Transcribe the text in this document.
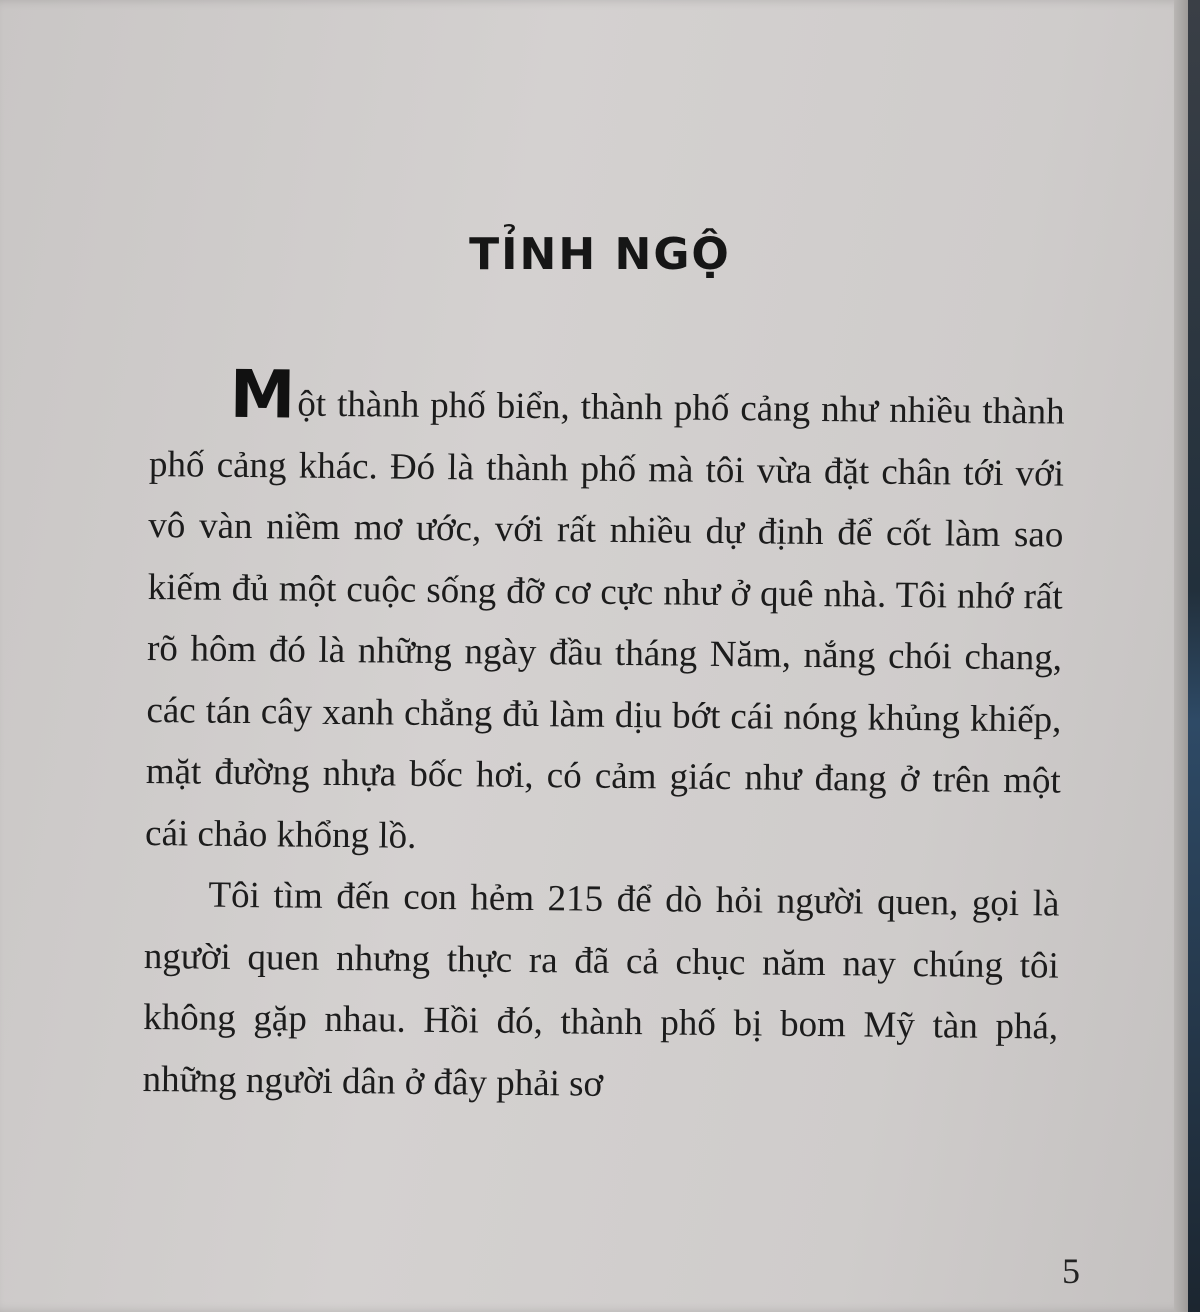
TỈNH NGỘ

Một thành phố biển, thành phố cảng như nhiều thành phố cảng khác. Đó là thành phố mà tôi vừa đặt chân tới với vô vàn niềm mơ ước, với rất nhiều dự định để cốt làm sao kiếm đủ một cuộc sống đỡ cơ cực như ở quê nhà. Tôi nhớ rất rõ hôm đó là những ngày đầu tháng Năm, nắng chói chang, các tán cây xanh chẳng đủ làm dịu bớt cái nóng khủng khiếp, mặt đường nhựa bốc hơi, có cảm giác như đang ở trên một cái chảo khổng lồ.

Tôi tìm đến con hẻm 215 để dò hỏi người quen, gọi là người quen nhưng thực ra đã cả chục năm nay chúng tôi không gặp nhau. Hồi đó, thành phố bị bom Mỹ tàn phá, những người dân ở đây phải sơ

5
